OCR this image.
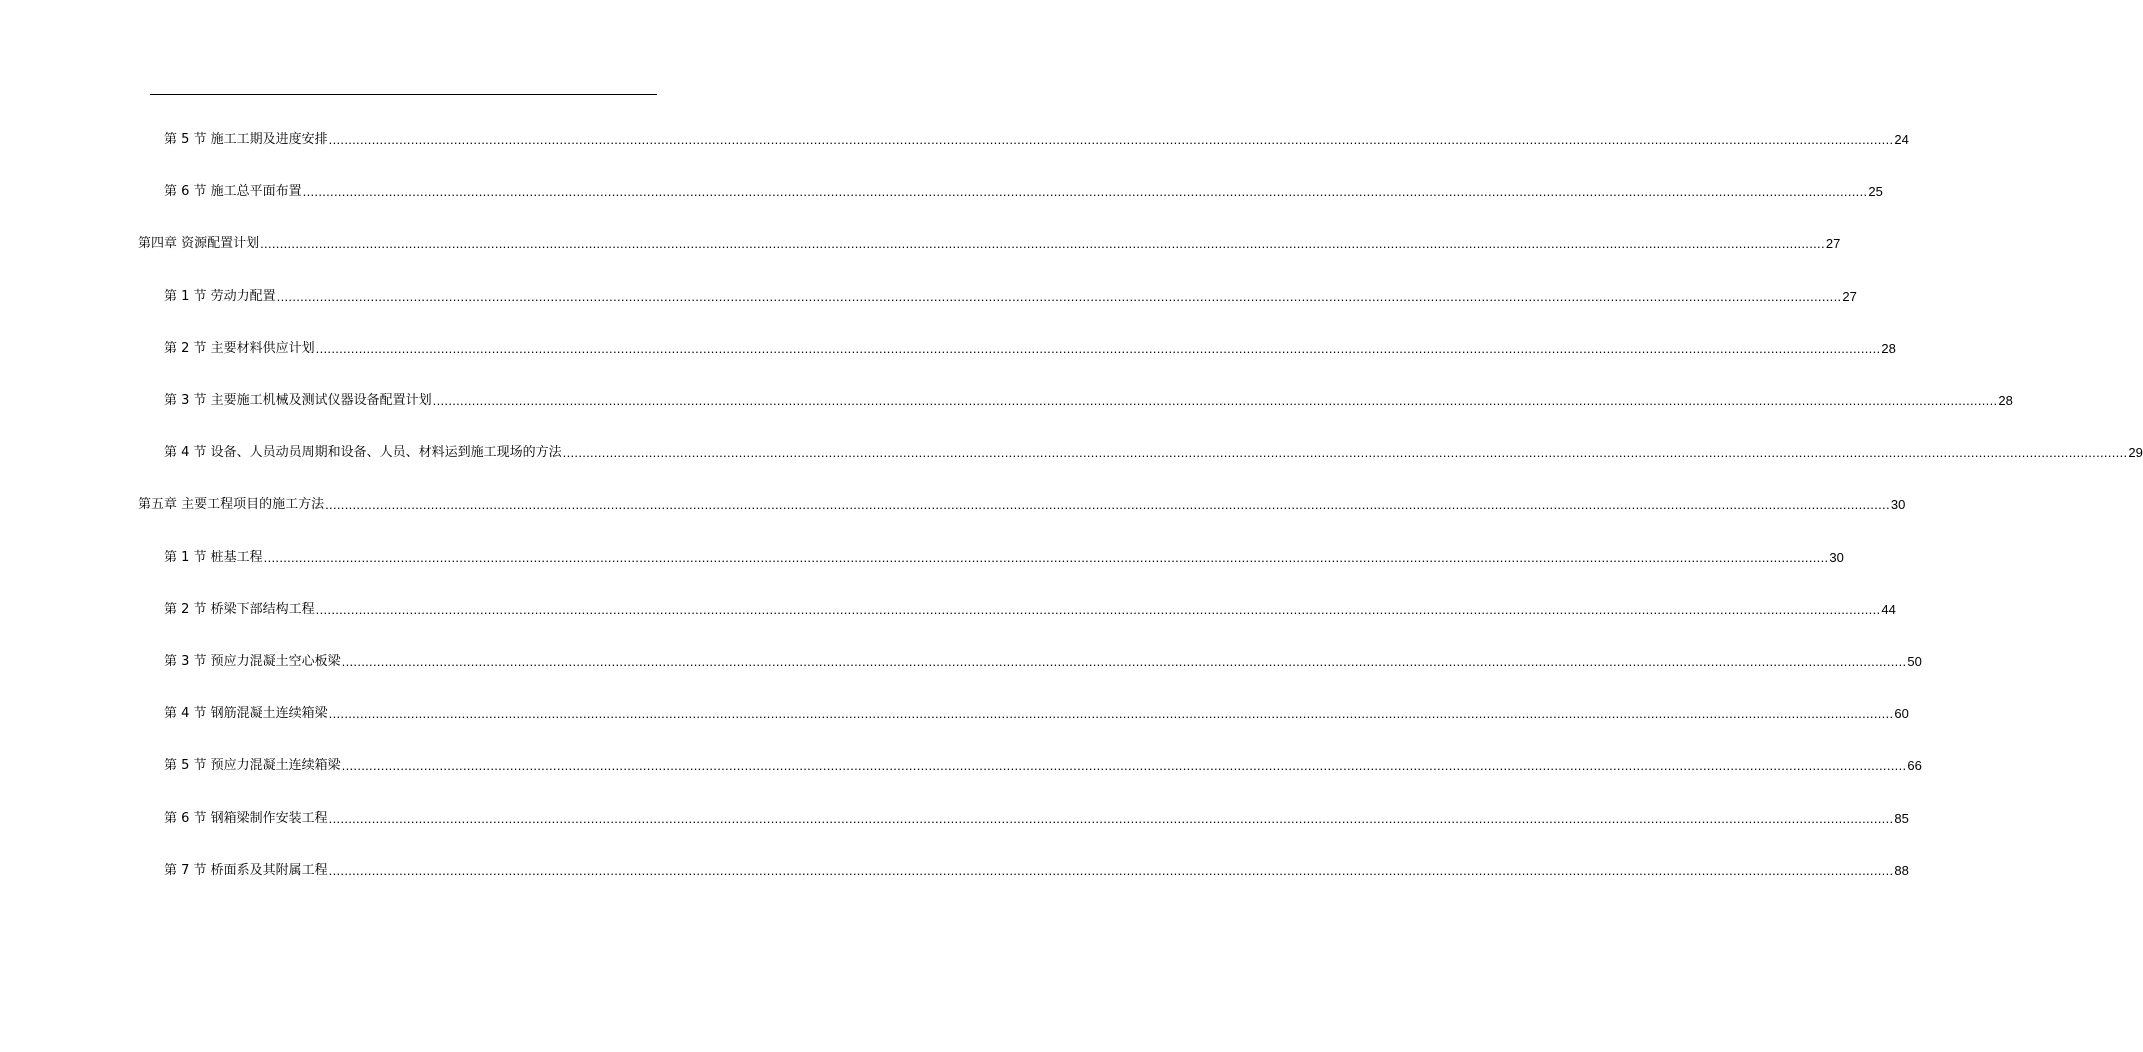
第 5 节 施工工期及进度安排 ................................................................................................................................................................................................................................................................................................................................................................................................................ 24
第 6 节 施工总平面布置 ................................................................................................................................................................................................................................................................................................................................................................................................................ 25
第四章 资源配置计划 ................................................................................................................................................................................................................................................................................................................................................................................................................ 27
第 1 节 劳动力配置 ................................................................................................................................................................................................................................................................................................................................................................................................................ 27
第 2 节 主要材料供应计划 ................................................................................................................................................................................................................................................................................................................................................................................................................ 28
第 3 节 主要施工机械及测试仪器设备配置计划 ................................................................................................................................................................................................................................................................................................................................................................................................................ 28
第 4 节 设备、人员动员周期和设备、人员、材料运到施工现场的方法 ................................................................................................................................................................................................................................................................................................................................................................................................................ 29
第五章 主要工程项目的施工方法 ................................................................................................................................................................................................................................................................................................................................................................................................................ 30
第 1 节 桩基工程 ................................................................................................................................................................................................................................................................................................................................................................................................................ 30
第 2 节 桥梁下部结构工程 ................................................................................................................................................................................................................................................................................................................................................................................................................ 44
第 3 节 预应力混凝土空心板梁 ................................................................................................................................................................................................................................................................................................................................................................................................................ 50
第 4 节 钢筋混凝土连续箱梁 ................................................................................................................................................................................................................................................................................................................................................................................................................ 60
第 5 节 预应力混凝土连续箱梁 ................................................................................................................................................................................................................................................................................................................................................................................................................ 66
第 6 节 钢箱梁制作安装工程 ................................................................................................................................................................................................................................................................................................................................................................................................................ 85
第 7 节 桥面系及其附属工程 ................................................................................................................................................................................................................................................................................................................................................................................................................ 88
